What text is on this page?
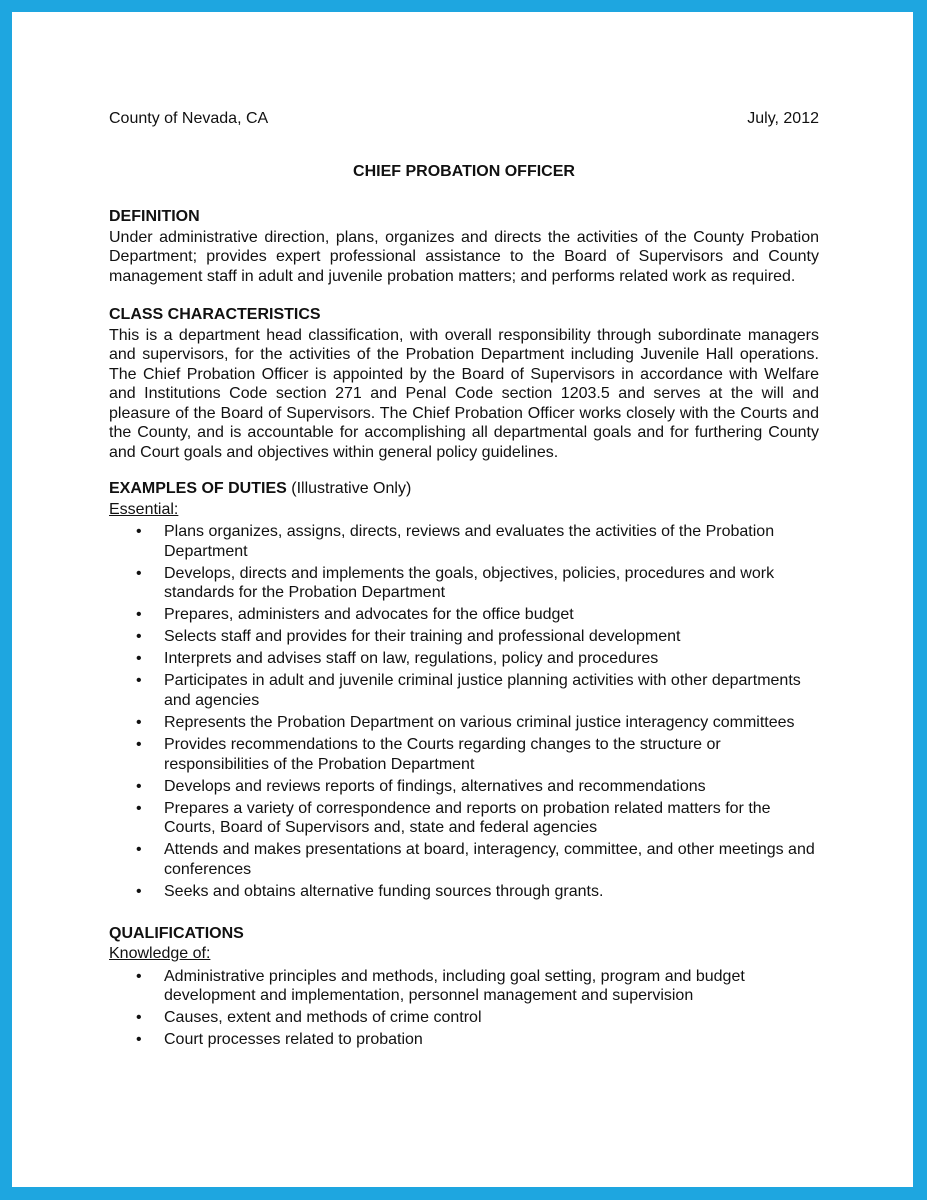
County of Nevada, CA	July, 2012
CHIEF PROBATION OFFICER
DEFINITION

Under administrative direction, plans, organizes and directs the activities of the County Probation Department; provides expert professional assistance to the Board of Supervisors and County management staff in adult and juvenile probation matters; and performs related work as required.

CLASS CHARACTERISTICS

This is a department head classification, with overall responsibility through subordinate managers and supervisors, for the activities of the Probation Department including Juvenile Hall operations. The Chief Probation Officer is appointed by the Board of Supervisors in accordance with Welfare and Institutions Code section 271 and Penal Code section 1203.5 and serves at the will and pleasure of the Board of Supervisors. The Chief Probation Officer works closely with the Courts and the County, and is accountable for accomplishing all departmental goals and for furthering County and Court goals and objectives within general policy guidelines.

EXAMPLES OF DUTIES (Illustrative Only)
Essential:
• Plans organizes, assigns, directs, reviews and evaluates the activities of the Probation Department
• Develops, directs and implements the goals, objectives, policies, procedures and work standards for the Probation Department
• Prepares, administers and advocates for the office budget
• Selects staff and provides for their training and professional development
• Interprets and advises staff on law, regulations, policy and procedures
• Participates in adult and juvenile criminal justice planning activities with other departments and agencies
• Represents the Probation Department on various criminal justice interagency committees
• Provides recommendations to the Courts regarding changes to the structure or responsibilities of the Probation Department
• Develops and reviews reports of findings, alternatives and recommendations
• Prepares a variety of correspondence and reports on probation related matters for the Courts, Board of Supervisors and, state and federal agencies
• Attends and makes presentations at board, interagency, committee, and other meetings and conferences
• Seeks and obtains alternative funding sources through grants.
QUALIFICATIONS
Knowledge of:
• Administrative principles and methods, including goal setting, program and budget development and implementation, personnel management and supervision
• Causes, extent and methods of crime control
• Court processes related to probation
